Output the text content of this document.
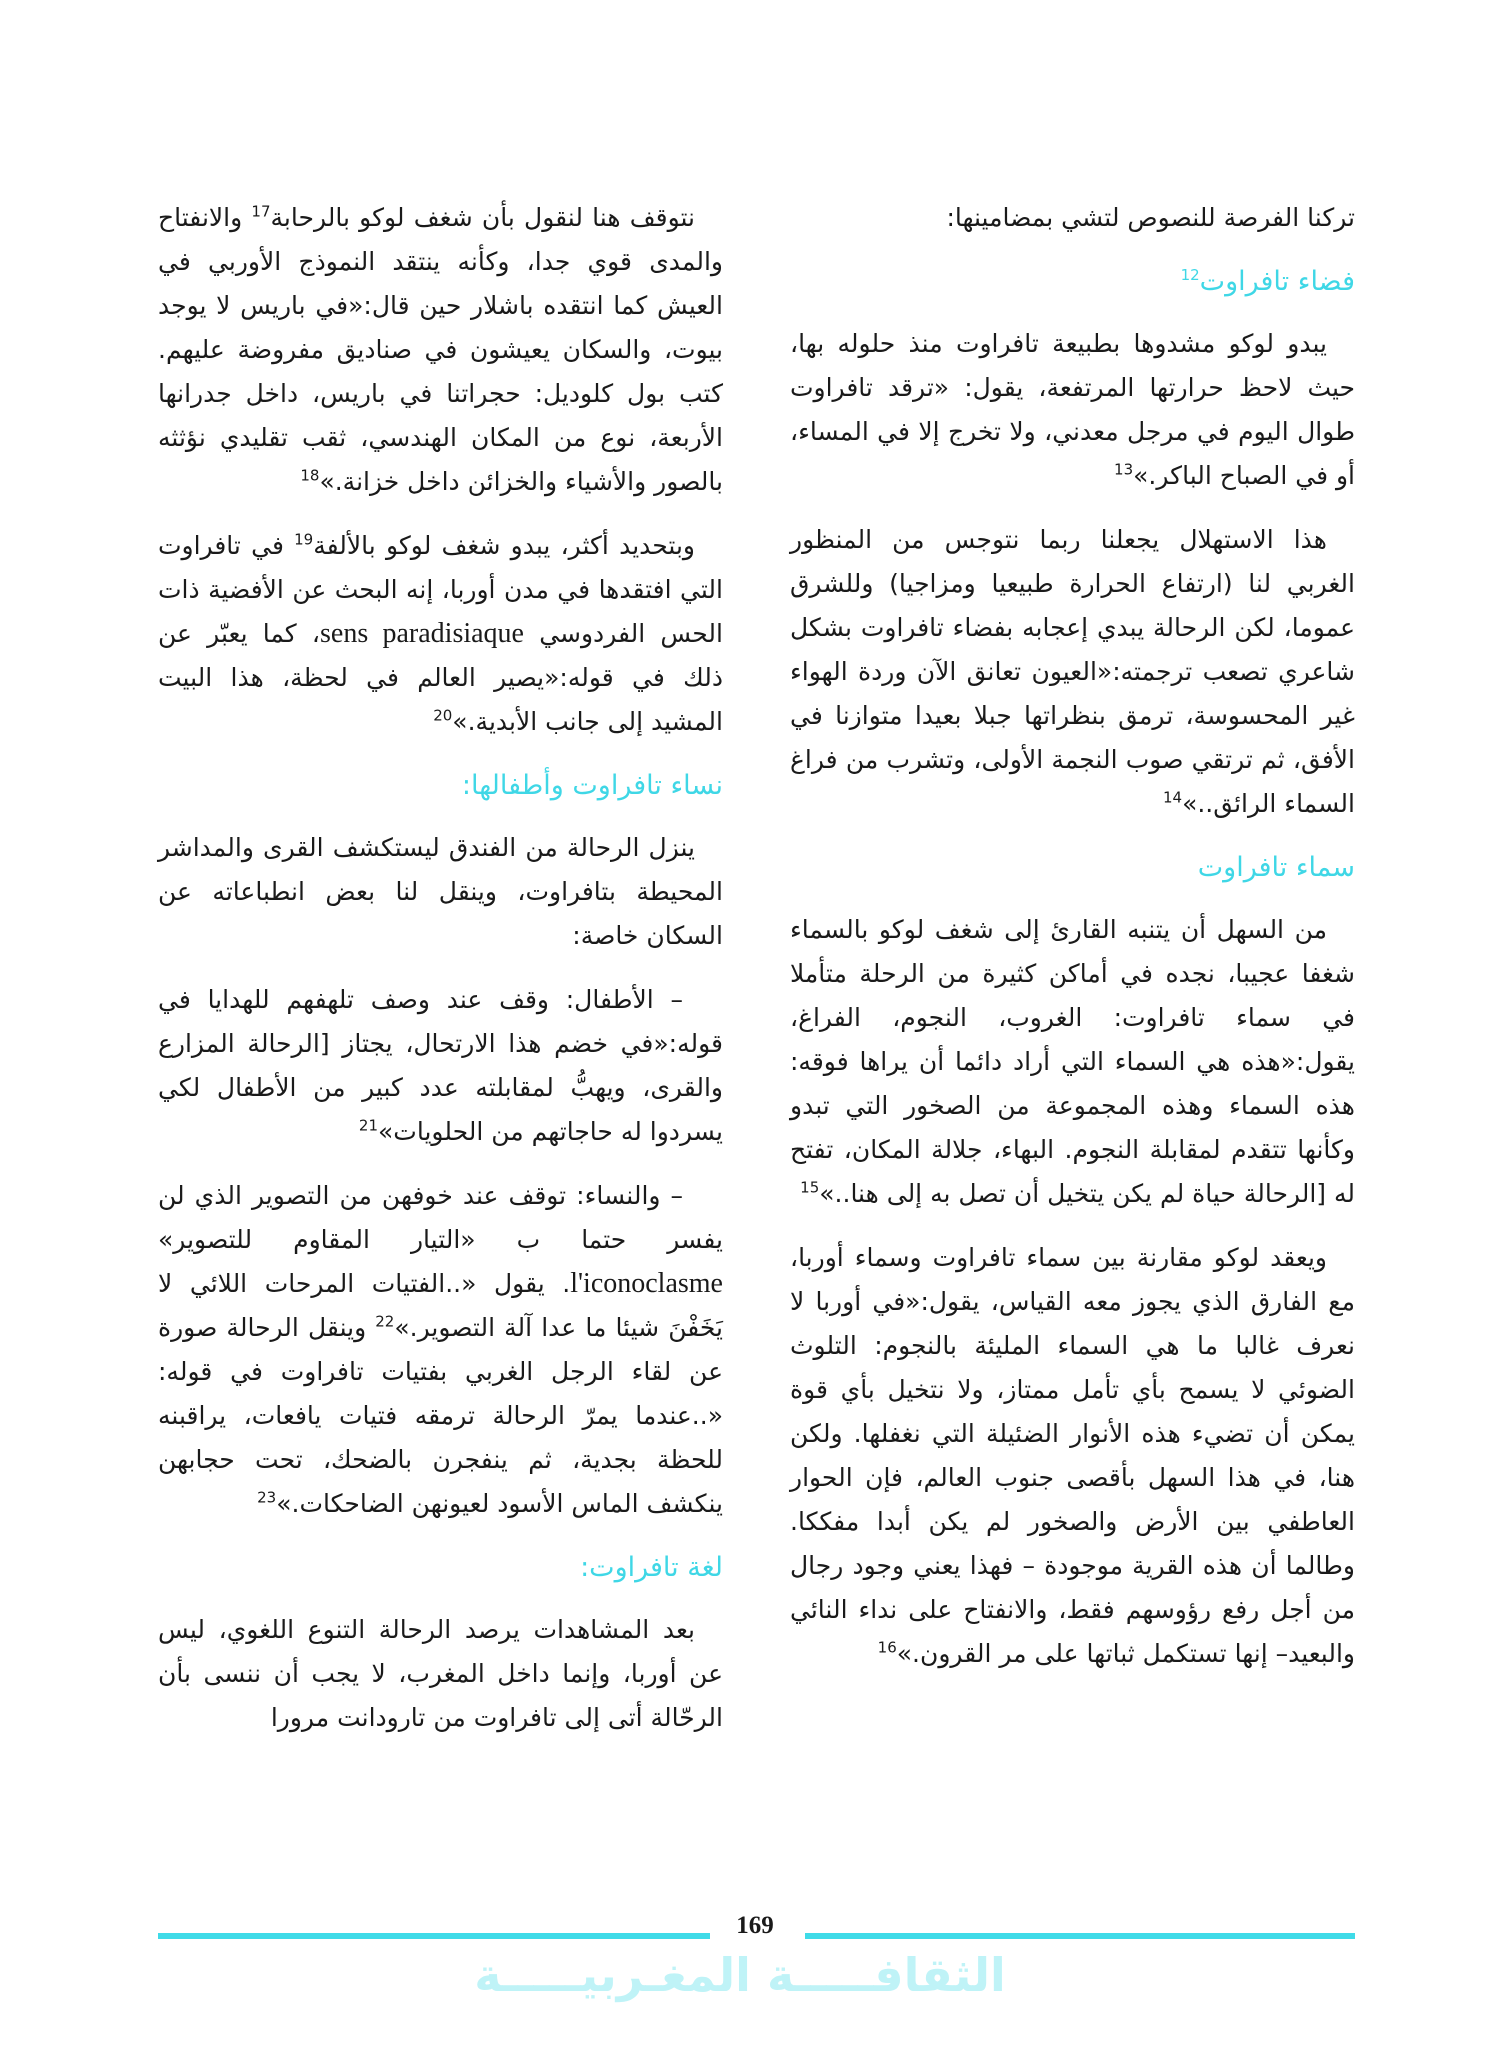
تركنا الفرصة للنصوص لتشي بمضامينها:

فضاء تافراوت$^{12}$

يبدو لوكو مشدوها بطبيعة تافراوت منذ حلوله بها، حيث لاحظ حرارتها المرتفعة، يقول: «ترقد تافراوت طوال اليوم في مرجل معدني، ولا تخرج إلا في المساء، أو في الصباح الباكر.»$^{13}$

هذا الاستهلال يجعلنا ربما نتوجس من المنظور الغربي لنا (ارتفاع الحرارة طبيعيا ومزاجيا) وللشرق عموما، لكن الرحالة يبدي إعجابه بفضاء تافراوت بشكل شاعري تصعب ترجمته:«العيون تعانق الآن وردة الهواء غير المحسوسة، ترمق بنظراتها جبلا بعيدا متوازنا في الأفق، ثم ترتقي صوب النجمة الأولى، وتشرب من فراغ السماء الرائق..»$^{14}$

سماء تافراوت

من السهل أن يتنبه القارئ إلى شغف لوكو بالسماء شغفا عجيبا، نجده في أماكن كثيرة من الرحلة متأملا في سماء تافراوت: الغروب، النجوم، الفراغ، يقول:«هذه هي السماء التي أراد دائما أن يراها فوقه: هذه السماء وهذه المجموعة من الصخور التي تبدو وكأنها تتقدم لمقابلة النجوم. البهاء، جلالة المكان، تفتح له [الرحالة حياة لم يكن يتخيل أن تصل به إلى هنا..»$^{15}$

ويعقد لوكو مقارنة بين سماء تافراوت وسماء أوربا، مع الفارق الذي يجوز معه القياس، يقول:«في أوربا لا نعرف غالبا ما هي السماء المليئة بالنجوم: التلوث الضوئي لا يسمح بأي تأمل ممتاز، ولا نتخيل بأي قوة يمكن أن تضيء هذه الأنوار الضئيلة التي نغفلها. ولكن هنا، في هذا السهل بأقصى جنوب العالم، فإن الحوار العاطفي بين الأرض والصخور لم يكن أبدا مفككا. وطالما أن هذه القرية موجودة – فهذا يعني وجود رجال من أجل رفع رؤوسهم فقط، والانفتاح على نداء النائي والبعيد– إنها تستكمل ثباتها على مر القرون.»$^{16}$

نتوقف هنا لنقول بأن شغف لوكو بالرحابة$^{17}$ والانفتاح والمدى قوي جدا، وكأنه ينتقد النموذج الأوربي في العيش كما انتقده باشلار حين قال:«في باريس لا يوجد بيوت، والسكان يعيشون في صناديق مفروضة عليهم. كتب بول كلوديل: حجراتنا في باريس، داخل جدرانها الأربعة، نوع من المكان الهندسي، ثقب تقليدي نؤثثه بالصور والأشياء والخزائن داخل خزانة.»$^{18}$

وبتحديد أكثر، يبدو شغف لوكو بالألفة$^{19}$ في تافراوت التي افتقدها في مدن أوربا، إنه البحث عن الأفضية ذات الحس الفردوسي sens paradisiaque، كما يعبّر عن ذلك في قوله:«يصير العالم في لحظة، هذا البيت المشيد إلى جانب الأبدية.»$^{20}$

نساء تافراوت وأطفالها:

ينزل الرحالة من الفندق ليستكشف القرى والمداشر المحيطة بتافراوت، وينقل لنا بعض انطباعاته عن السكان خاصة:

– الأطفال: وقف عند وصف تلهفهم للهدايا في قوله:«في خضم هذا الارتحال، يجتاز [الرحالة المزارع والقرى، ويهبُّ لمقابلته عدد كبير من الأطفال لكي يسردوا له حاجاتهم من الحلويات»$^{21}$

– والنساء: توقف عند خوفهن من التصوير الذي لن يفسر حتما ب «التيار المقاوم للتصوير» l'iconoclasme. يقول «..الفتيات المرحات اللائي لا يَخَفْنَ شيئا ما عدا آلة التصوير.»$^{22}$ وينقل الرحالة صورة عن لقاء الرجل الغربي بفتيات تافراوت في قوله: «..عندما يمرّ الرحالة ترمقه فتيات يافعات، يراقبنه للحظة بجدية، ثم ينفجرن بالضحك، تحت حجابهن ينكشف الماس الأسود لعيونهن الضاحكات.»$^{23}$

لغة تافراوت:

بعد المشاهدات يرصد الرحالة التنوع اللغوي، ليس عن أوربا، وإنما داخل المغرب، لا يجب أن ننسى بأن الرحّالة أتى إلى تافراوت من تارودانت مرورا

169
الثقافـــــة المغـربيـــــة
